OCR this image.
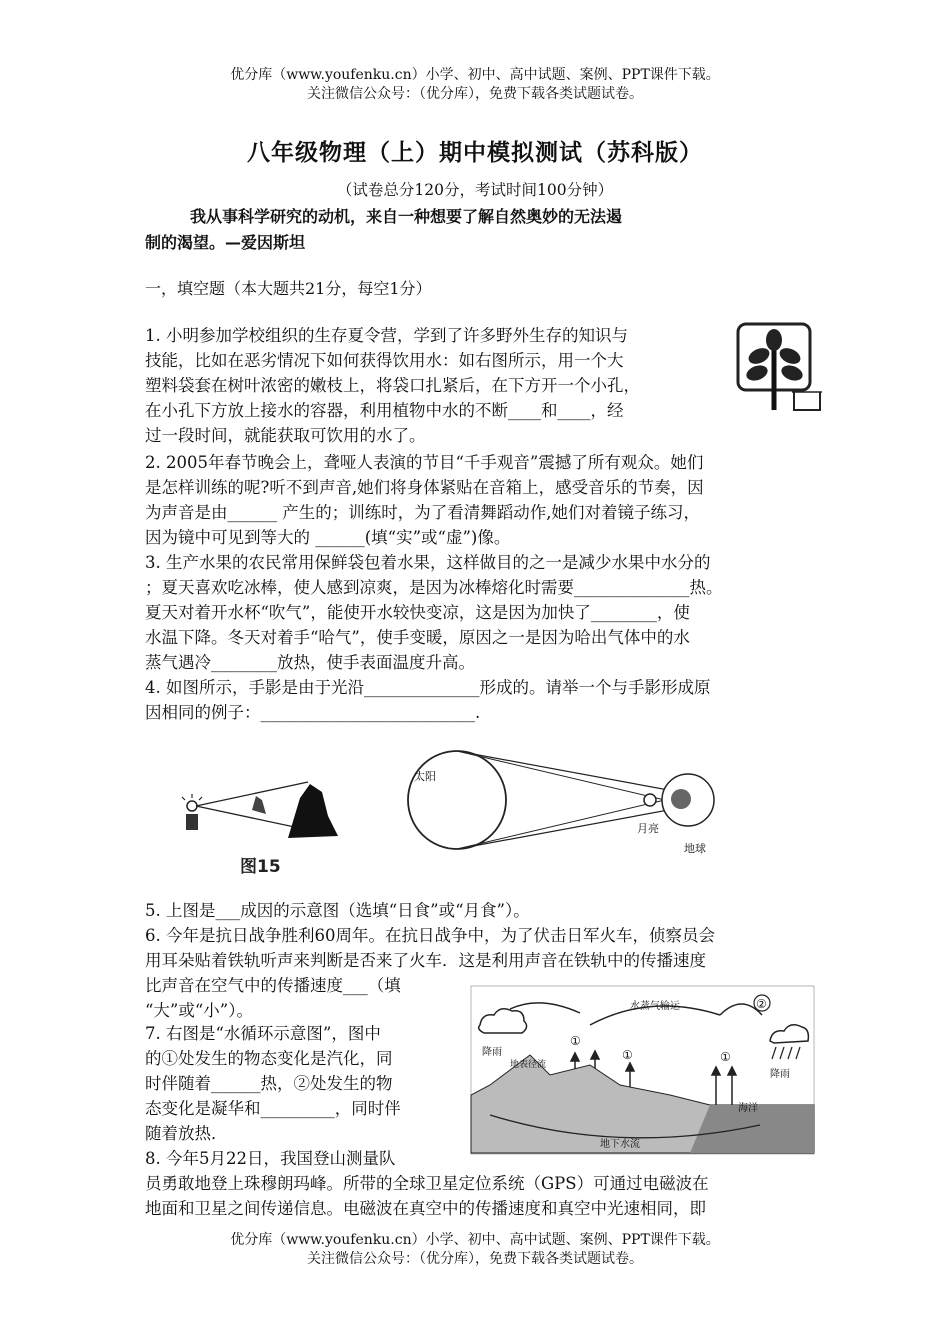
优分库（www.youfenku.cn）小学、初中、高中试题、案例、PPT课件下载。
关注微信公众号：（优分库），免费下载各类试题试卷。
八年级物理（上）期中模拟测试（苏科版）
（试卷总分120分，考试时间100分钟）
我从事科学研究的动机，来自一种想要了解自然奥妙的无法遏
制的渴望。—爱因斯坦
一，填空题（本大题共21分，每空1分）
1. 小明参加学校组织的生存夏令营，学到了许多野外生存的知识与
技能，比如在恶劣情况下如何获得饮用水：如右图所示，用一个大
塑料袋套在树叶浓密的嫩枝上，将袋口扎紧后，在下方开一个小孔，
在小孔下方放上接水的容器，利用植物中水的不断____和____，经
过一段时间，就能获取可饮用的水了。
2. 2005年春节晚会上，聋哑人表演的节目“千手观音”震撼了所有观众。她们
是怎样训练的呢?听不到声音,她们将身体紧贴在音箱上，感受音乐的节奏，因
为声音是由______ 产生的；训练时，为了看清舞蹈动作,她们对着镜子练习，
因为镜中可见到等大的 ______(填“实”或“虚”)像。
3. 生产水果的农民常用保鲜袋包着水果，这样做目的之一是减少水果中水分的
；夏天喜欢吃冰棒，使人感到凉爽，是因为冰棒熔化时需要______________热。
夏天对着开水杯“吹气”，能使开水较快变凉，这是因为加快了________，使
水温下降。冬天对着手“哈气”，使手变暖，原因之一是因为哈出气体中的水
蒸气遇冷________放热，使手表面温度升高。
4. 如图所示，手影是由于光沿______________形成的。请举一个与手影形成原
因相同的例子：__________________________.
图15
太阳
月亮
地球
5. 上图是___成因的示意图（选填“日食”或“月食”）。
6. 今年是抗日战争胜利60周年。在抗日战争中，为了伏击日军火车，侦察员会
用耳朵贴着铁轨听声来判断是否来了火车．这是利用声音在铁轨中的传播速度
比声音在空气中的传播速度___（填
“大”或“小”）。
7. 右图是“水循环示意图”，图中
的①处发生的物态变化是汽化，同
时伴随着______热，②处发生的物
态变化是凝华和_________，同时伴
随着放热．
水蒸气输运	②
①
①	①
降雨
地表径流
降雨
海洋
地下水流
8. 今年5月22日，我国登山测量队
员勇敢地登上珠穆朗玛峰。所带的全球卫星定位系统（GPS）可通过电磁波在
地面和卫星之间传递信息。电磁波在真空中的传播速度和真空中光速相同，即
优分库（www.youfenku.cn）小学、初中、高中试题、案例、PPT课件下载。
关注微信公众号：（优分库），免费下载各类试题试卷。
